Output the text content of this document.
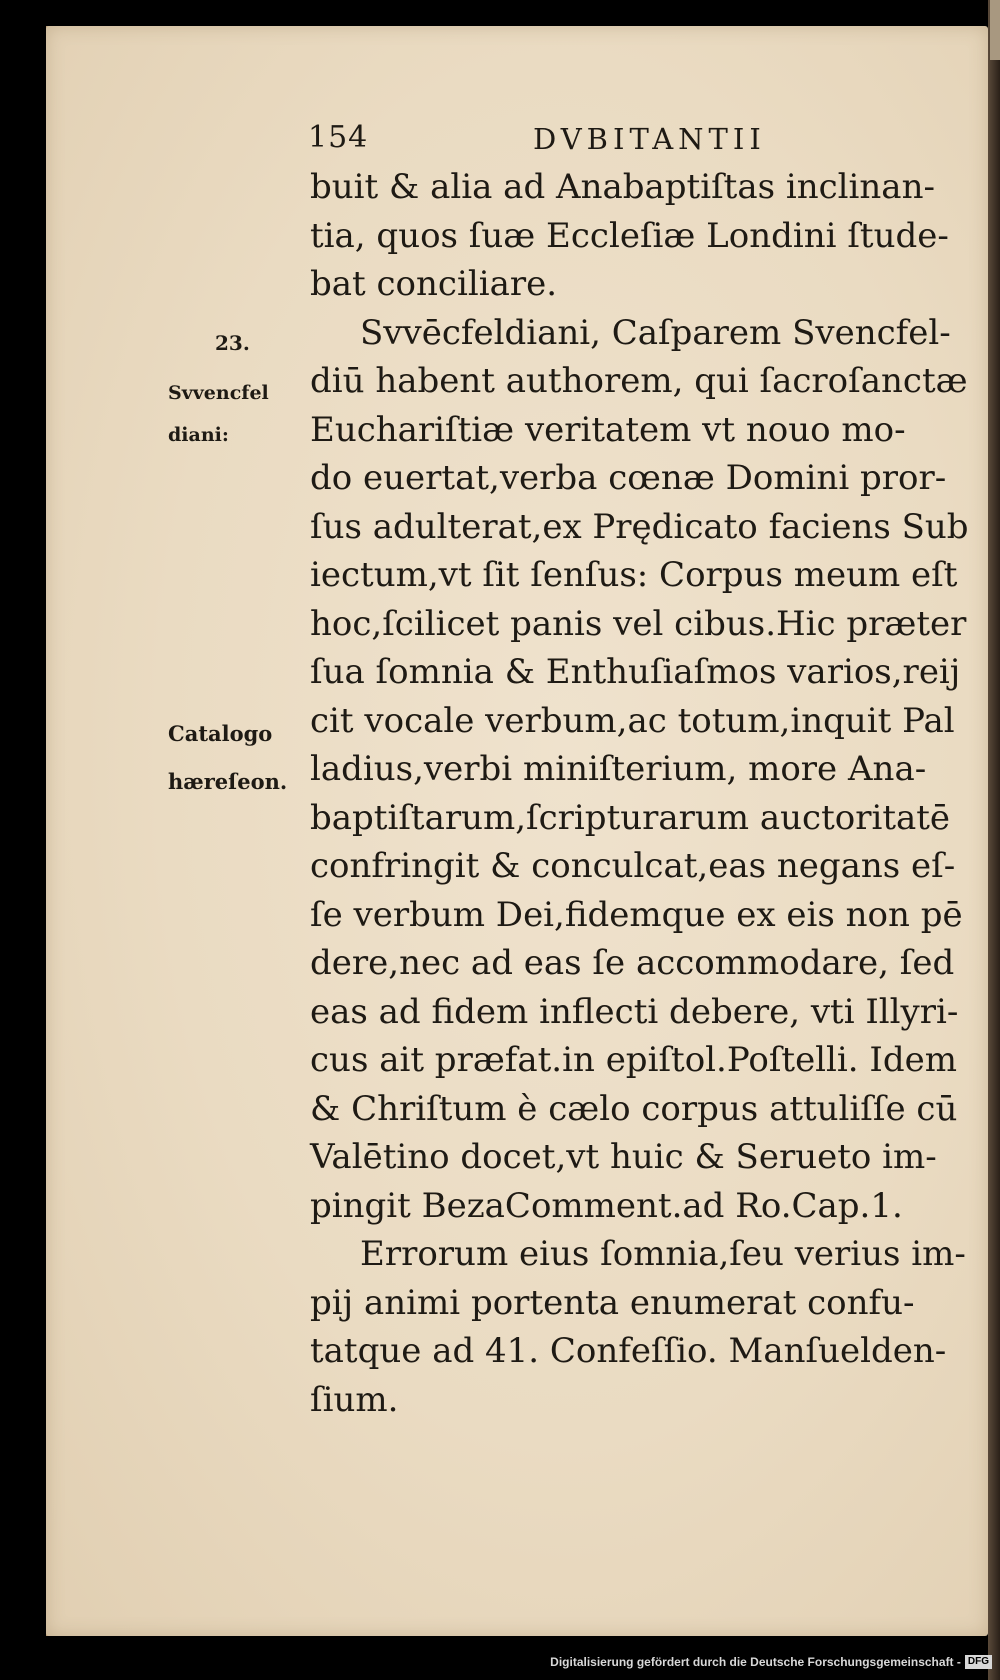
154	DVBITANTII
23.
Svvencfel
diani:
Catalogo
hæreſeon.
buit & alia ad Anabaptiſtas inclinan-
tia, quos ſuæ Eccleſiæ Londini ſtude-
bat conciliare.
Svvēcfeldiani, Caſparem Svencfel-
diū habent authorem, qui ſacroſanctæ
Euchariſtiæ veritatem vt nouo mo-
do euertat,verba cœnæ Domini pror-
ſus adulterat,ex Prędicato faciens Sub
iectum,vt ſit ſenſus: Corpus meum eſt
hoc,ſcilicet panis vel cibus.Hic præter
ſua ſomnia & Enthuſiaſmos varios,reij
cit vocale verbum,ac totum,inquit Pal
ladius,verbi miniſterium, more Ana-
baptiſtarum,ſcripturarum auctoritatē
confringit & conculcat,eas negans eſ-
ſe verbum Dei,fidemque ex eis non pē
dere,nec ad eas ſe accommodare, ſed
eas ad fidem inflecti debere, vti Illyri-
cus ait præfat.in epiſtol.Poſtelli. Idem
& Chriſtum è cælo corpus attuliſſe cū
Valētino docet,vt huic & Serueto im-
pingit BezaComment.ad Ro.Cap.1.
Errorum eius ſomnia,ſeu verius im-
pij animi portenta enumerat confu-
tatque ad 41. Confeſſio. Manſuelden-
ſium.
Digitalisierung gefördert durch die Deutsche Forschungsgemeinschaft - DFG
